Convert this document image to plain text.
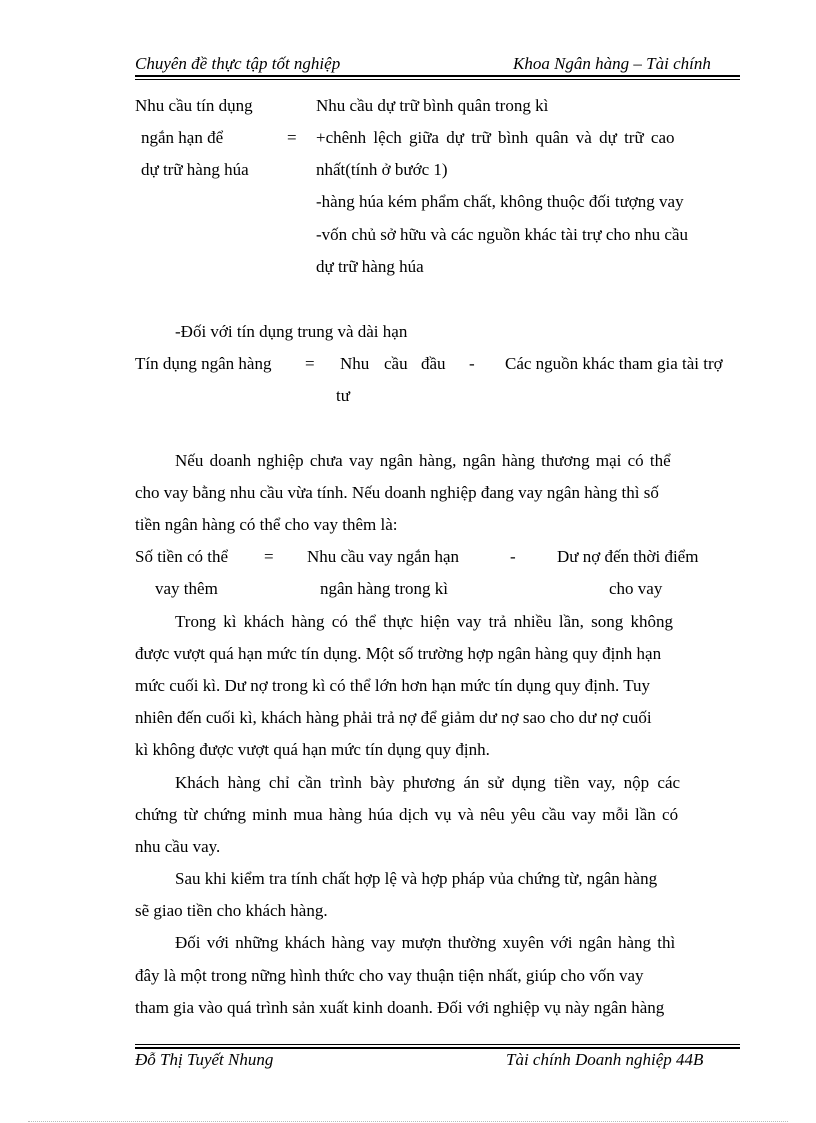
Chuyên đề thực tập tốt nghiệp	Khoa Ngân hàng – Tài chính
Nhu cầu tín dụng
ngắn hạn để
dự trữ hàng húa
=
Nhu cầu dự trữ bình quân trong kì
+chênh lệch giữa dự trữ bình quân và dự trữ cao
nhất(tính ở bước 1)
-hàng húa kém phẩm chất, không thuộc đối tượng vay
-vốn chủ sở hữu và các nguồn khác tài trự cho nhu cầu
dự trữ hàng húa
-Đối với tín dụng trung và dài hạn
Tín dụng ngân hàng = Nhu cầu đầu - Các nguồn khác tham gia tài trợ
tư
Nếu doanh nghiệp chưa vay ngân hàng, ngân hàng thương mại có thể
cho vay bằng nhu cầu vừa tính. Nếu doanh nghiệp đang vay ngân hàng thì số
tiền ngân hàng có thể cho vay thêm là:
Số tiền có thể = Nhu cầu vay ngắn hạn	- Dư nợ đến thời điểm
vay thêm	ngân hàng trong kì	cho vay
Trong kì khách hàng có thể thực hiện vay trả nhiều lần, song không
được vượt quá hạn mức tín dụng. Một số trường hợp ngân hàng quy định hạn
mức cuối kì. Dư nợ trong kì có thể lớn hơn hạn mức tín dụng quy định. Tuy
nhiên đến cuối kì, khách hàng phải trả nợ để giảm dư nợ sao cho dư nợ cuối
kì không được vượt quá hạn mức tín dụng quy định.
Khách hàng chỉ cần trình bày phương án sử dụng tiền vay, nộp các
chứng từ chứng minh mua hàng húa dịch vụ và nêu yêu cầu vay mỗi lần có
nhu cầu vay.
Sau khi kiểm tra tính chất hợp lệ và hợp pháp vủa chứng từ, ngân hàng
sẽ giao tiền cho khách hàng.
Đối với những khách hàng vay mượn thường xuyên với ngân hàng thì
đây là một trong nững hình thức cho vay thuận tiện nhất, giúp cho vốn vay
tham gia vào quá trình sản xuất kinh doanh. Đối với nghiệp vụ này ngân hàng
Đỗ Thị Tuyết Nhung	Tài chính Doanh nghiệp 44B
